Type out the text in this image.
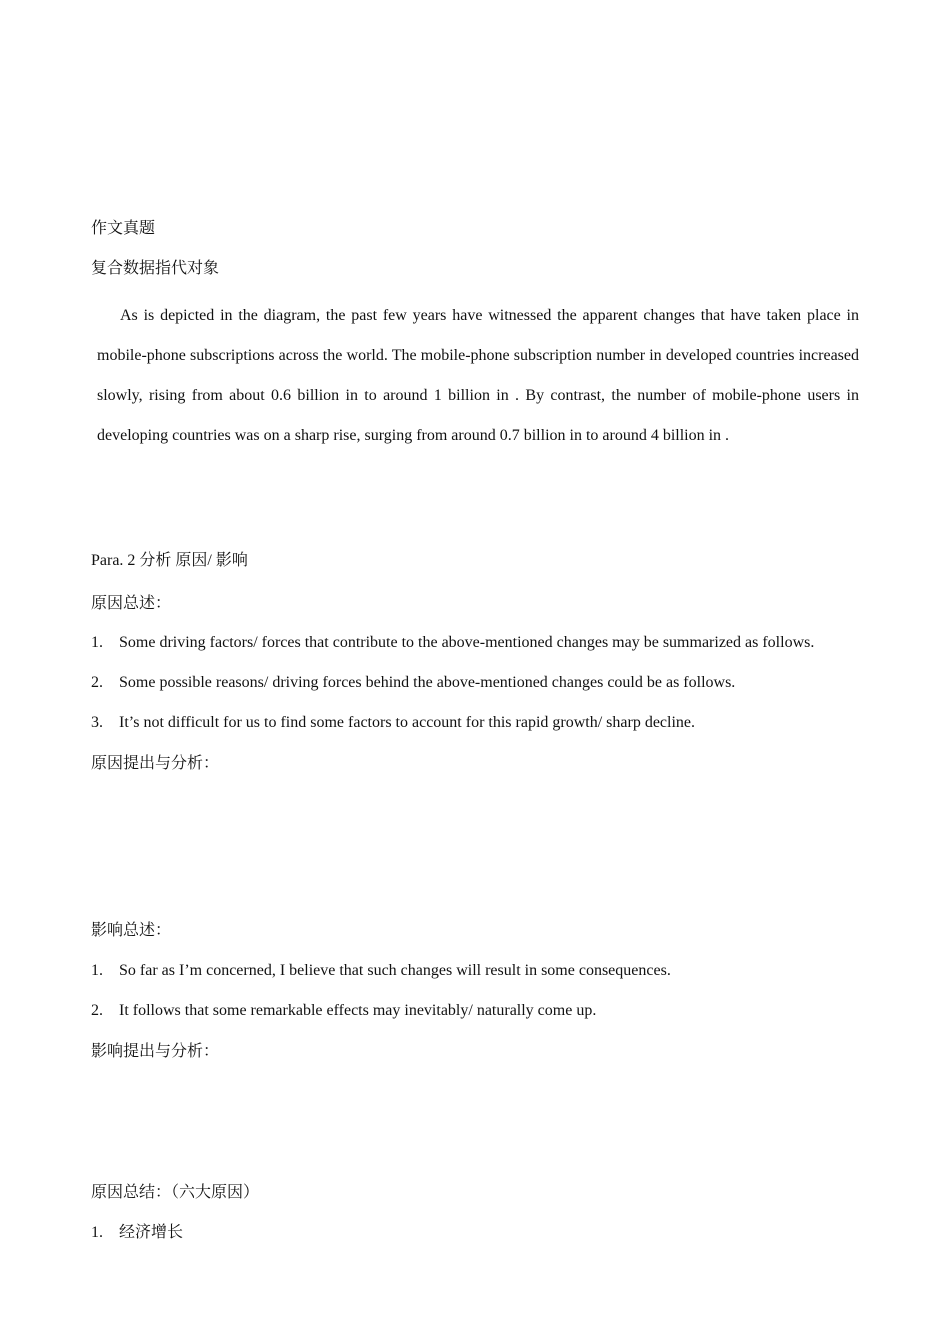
作文真题
复合数据指代对象
As is depicted in the diagram, the past few years have witnessed the apparent changes that have taken place in mobile-phone subscriptions across the world. The mobile-phone subscription number in developed countries increased slowly, rising from about 0.6 billion in to around 1 billion in . By contrast, the number of mobile-phone users in developing countries was on a sharp rise, surging from around 0.7 billion in to around 4 billion in .
Para. 2 分析 原因/ 影响
原因总述：
1. Some driving factors/ forces that contribute to the above-mentioned changes may be summarized as follows.
2. Some possible reasons/ driving forces behind the above-mentioned changes could be as follows.
3. It’s not difficult for us to find some factors to account for this rapid growth/ sharp decline.
原因提出与分析：
影响总述：
1. So far as I’m concerned, I believe that such changes will result in some consequences.
2. It follows that some remarkable effects may inevitably/ naturally come up.
影响提出与分析：
原因总结：（六大原因）
1. 经济增长
